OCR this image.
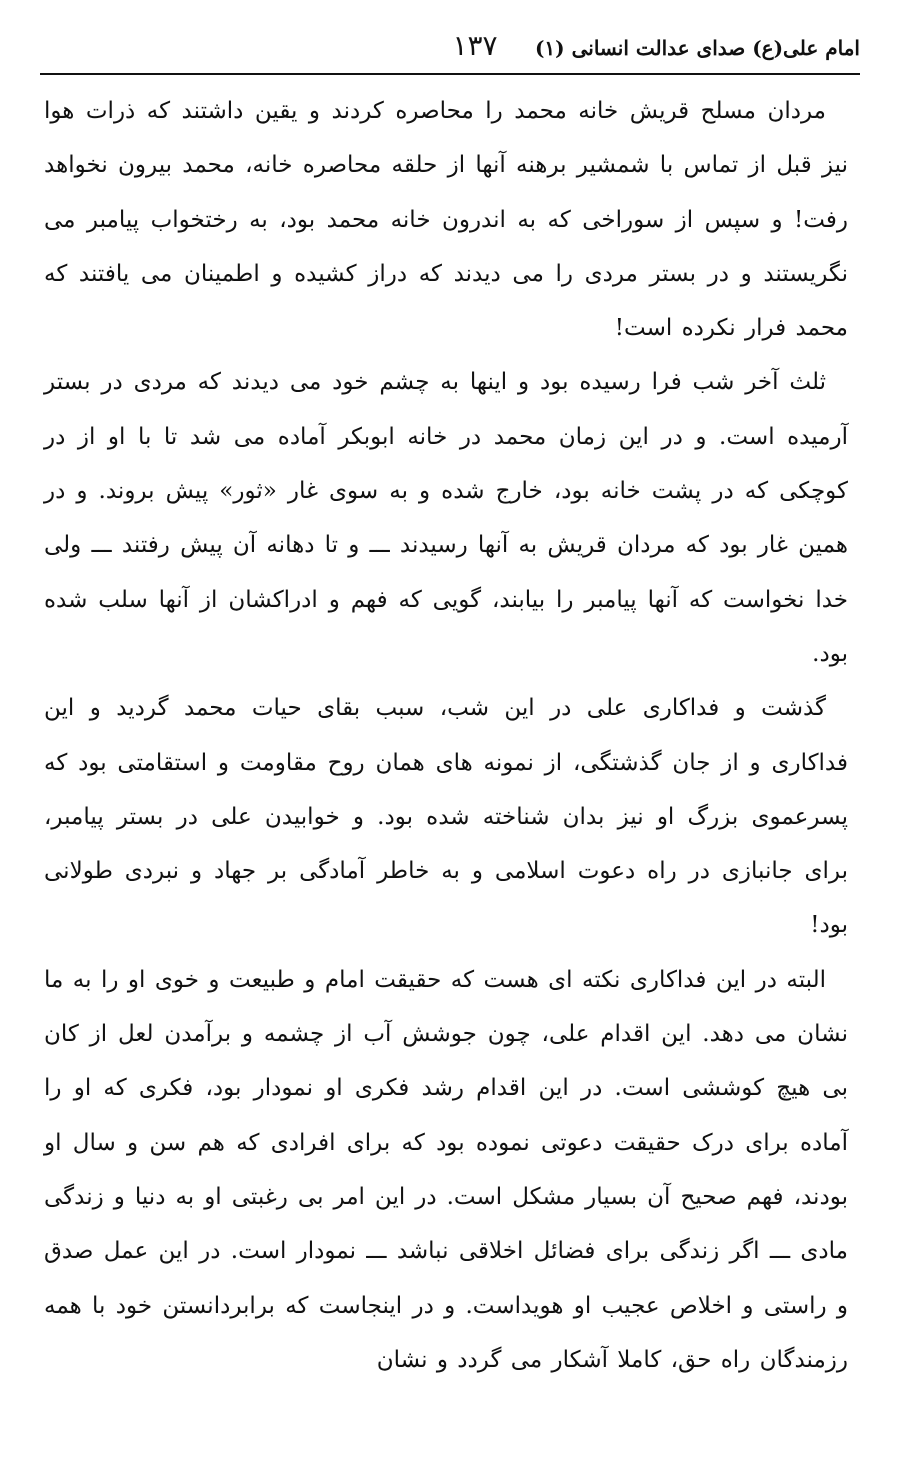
امام علی(ع) صدای عدالت انسانی (۱)
۱۳۷

مردان مسلح قریش خانه محمد را محاصره کردند و یقین داشتند که ذرات هوا نیز قبل از تماس با شمشیر برهنه آنها از حلقه محاصره خانه، محمد بیرون نخواهد رفت! و سپس از سوراخی که به اندرون خانه محمد بود، به رختخواب پیامبر می نگریستند و در بستر مردی را می دیدند که دراز کشیده و اطمینان می یافتند که محمد فرار نکرده است!

ثلث آخر شب فرا رسیده بود و اینها به چشم خود می دیدند که مردی در بستر آرمیده است. و در این زمان محمد در خانه ابوبکر آماده می شد تا با او از در کوچکی که در پشت خانه بود، خارج شده و به سوی غار «ثور» پیش بروند. و در همین غار بود که مردان قریش به آنها رسیدند ـــ و تا دهانه آن پیش رفتند ـــ ولی خدا نخواست که آنها پیامبر را بیابند، گویی که فهم و ادراکشان از آنها سلب شده بود.

گذشت و فداکاری علی در این شب، سبب بقای حیات محمد گردید و این فداکاری و از جان گذشتگی، از نمونه های همان روح مقاومت و استقامتی بود که پسرعموی بزرگ او نیز بدان شناخته شده بود. و خوابیدن علی در بستر پیامبر، برای جانبازی در راه دعوت اسلامی و به خاطر آمادگی بر جهاد و نبردی طولانی بود!

البته در این فداکاری نکته ای هست که حقیقت امام و طبیعت و خوی او را به ما نشان می دهد. این اقدام علی، چون جوشش آب از چشمه و برآمدن لعل از کان بی هیچ کوششی است. در این اقدام رشد فکری او نمودار بود، فکری که او را آماده برای درک حقیقت دعوتی نموده بود که برای افرادی که هم سن و سال او بودند، فهم صحیح آن بسیار مشکل است. در این امر بی رغبتی او به دنیا و زندگی مادی ـــ اگر زندگی برای فضائل اخلاقی نباشد ـــ نمودار است. در این عمل صدق و راستی و اخلاص عجیب او هویداست. و در اینجاست که برابردانستن خود با همه رزمندگان راه حق، کاملا آشکار می گردد و نشان
